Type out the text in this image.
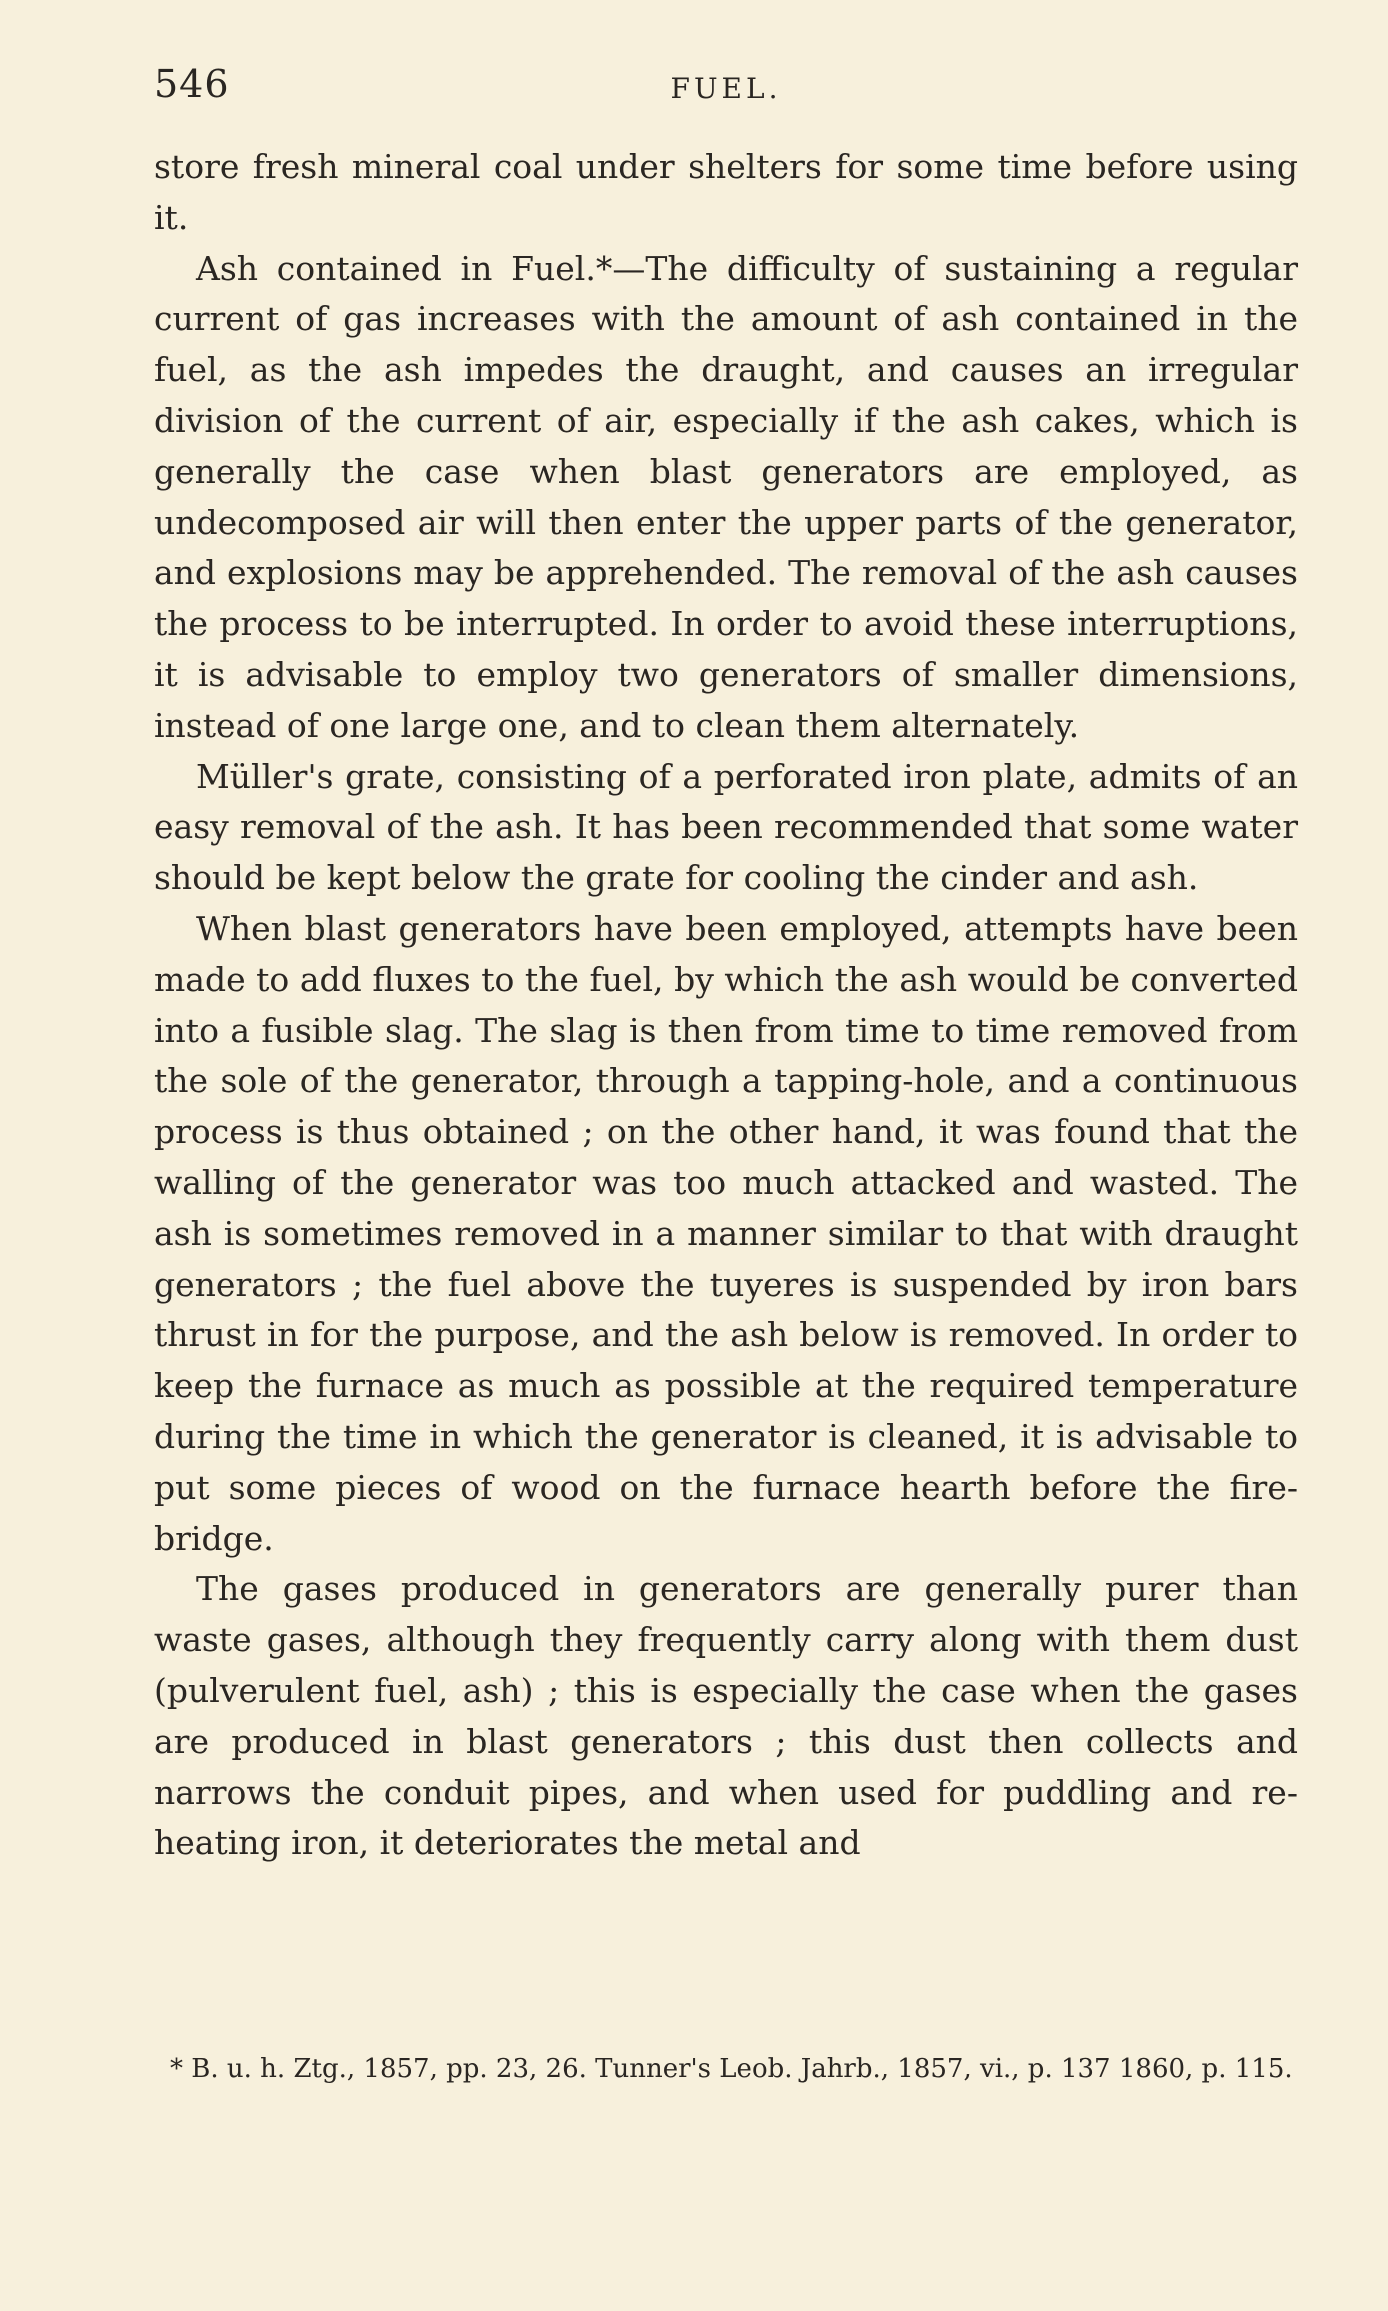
546	FUEL.

store fresh mineral coal under shelters for some time before using it.

Ash contained in Fuel.*—The difficulty of sustaining a regular current of gas increases with the amount of ash contained in the fuel, as the ash impedes the draught, and causes an irregular division of the current of air, especially if the ash cakes, which is generally the case when blast generators are employed, as undecomposed air will then enter the upper parts of the generator, and explosions may be apprehended. The removal of the ash causes the process to be interrupted. In order to avoid these interruptions, it is advisable to employ two generators of smaller dimensions, instead of one large one, and to clean them alternately.

Müller's grate, consisting of a perforated iron plate, admits of an easy removal of the ash. It has been recommended that some water should be kept below the grate for cooling the cinder and ash.

When blast generators have been employed, attempts have been made to add fluxes to the fuel, by which the ash would be converted into a fusible slag. The slag is then from time to time removed from the sole of the generator, through a tapping-hole, and a continuous process is thus obtained ; on the other hand, it was found that the walling of the generator was too much attacked and wasted. The ash is sometimes removed in a manner similar to that with draught generators ; the fuel above the tuyeres is suspended by iron bars thrust in for the purpose, and the ash below is removed. In order to keep the furnace as much as possible at the required temperature during the time in which the generator is cleaned, it is advisable to put some pieces of wood on the furnace hearth before the fire-bridge.

The gases produced in generators are generally purer than waste gases, although they frequently carry along with them dust (pulverulent fuel, ash) ; this is especially the case when the gases are produced in blast generators ; this dust then collects and narrows the conduit pipes, and when used for puddling and re-heating iron, it deteriorates the metal and

* B. u. h. Ztg., 1857, pp. 23, 26. Tunner's Leob. Jahrb., 1857, vi., p. 137 1860, p. 115.
